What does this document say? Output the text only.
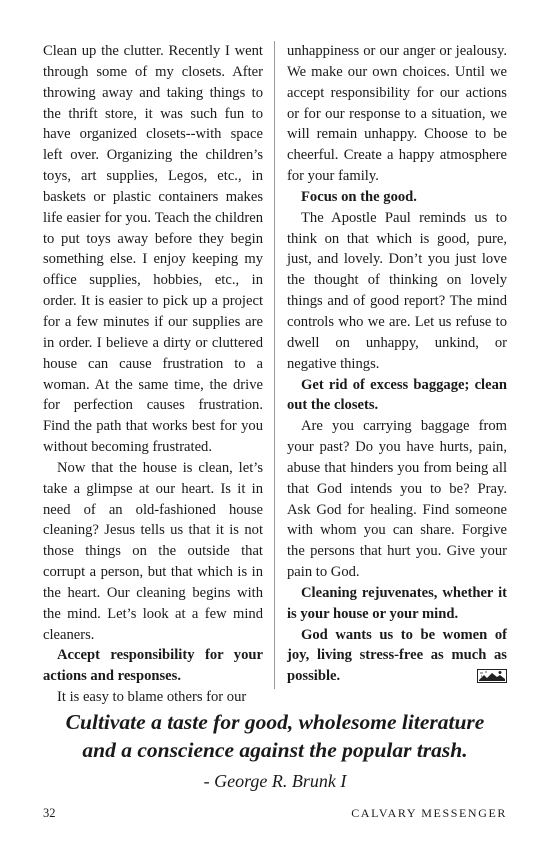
Clean up the clutter. Recently I went through some of my closets. After throwing away and taking things to the thrift store, it was such fun to have organized closets--with space left over. Organizing the children’s toys, art supplies, Legos, etc., in baskets or plastic containers makes life easier for you. Teach the children to put toys away before they begin something else. I enjoy keeping my office supplies, hobbies, etc., in order. It is easier to pick up a project for a few minutes if our supplies are in order. I believe a dirty or cluttered house can cause frustration to a woman. At the same time, the drive for perfection causes frustration. Find the path that works best for you without becoming frustrated.

Now that the house is clean, let’s take a glimpse at our heart. Is it in need of an old-fashioned house cleaning? Jesus tells us that it is not those things on the outside that corrupt a person, but that which is in the heart. Our cleaning begins with the mind. Let’s look at a few mind cleaners.

Accept responsibility for your actions and responses.

It is easy to blame others for our

unhappiness or our anger or jealousy. We make our own choices. Until we accept responsibility for our actions or for our response to a situation, we will remain unhappy. Choose to be cheerful. Create a happy atmosphere for your family.

Focus on the good.

The Apostle Paul reminds us to think on that which is good, pure, just, and lovely. Don’t you just love the thought of thinking on lovely things and of good report? The mind controls who we are. Let us refuse to dwell on unhappy, unkind, or negative things.

Get rid of excess baggage; clean out the closets.

Are you carrying baggage from your past? Do you have hurts, pain, abuse that hinders you from being all that God intends you to be? Pray. Ask God for healing. Find someone with whom you can share. Forgive the persons that hurt you. Give your pain to God.

Cleaning rejuvenates, whether it is your house or your mind.

God wants us to be women of joy, living stress-free as much as possible.

Cultivate a taste for good, wholesome literature
and a conscience against the popular trash.
- George R. Brunk I
32	CALVARY MESSENGER
